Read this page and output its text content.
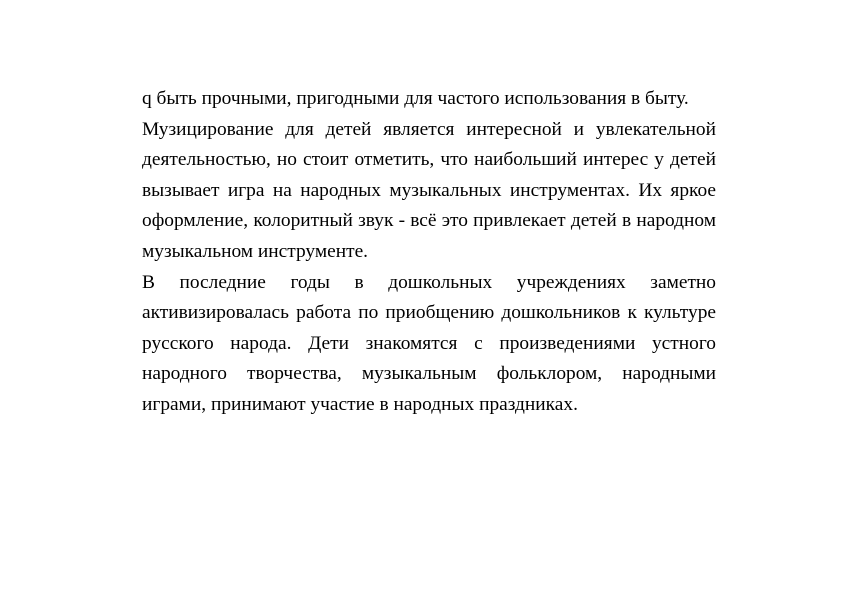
q быть прочными, пригодными для частого использования в быту.

Музицирование для детей является интересной и увлекательной деятельностью, но стоит отметить, что наибольший интерес у детей вызывает игра на народных музыкальных инструментах. Их яркое оформление, колоритный звук - всё это привлекает детей в народном музыкальном инструменте.

В последние годы в дошкольных учреждениях заметно активизировалась работа по приобщению дошкольников к культуре русского народа. Дети знакомятся с произведениями устного народного творчества, музыкальным фольклором, народными играми, принимают участие в народных праздниках.
